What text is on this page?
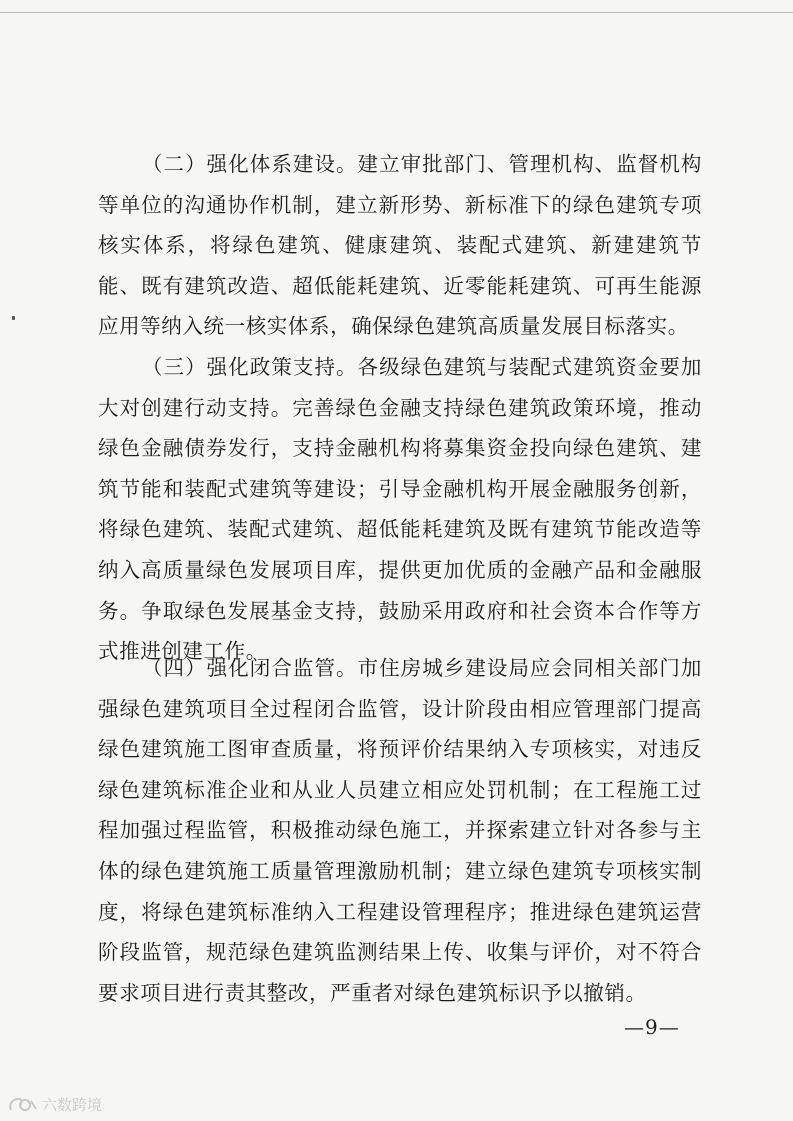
（二）强化体系建设。建立审批部门、管理机构、监督机构等单位的沟通协作机制，建立新形势、新标准下的绿色建筑专项核实体系，将绿色建筑、健康建筑、装配式建筑、新建建筑节能、既有建筑改造、超低能耗建筑、近零能耗建筑、可再生能源应用等纳入统一核实体系，确保绿色建筑高质量发展目标落实。

（三）强化政策支持。各级绿色建筑与装配式建筑资金要加大对创建行动支持。完善绿色金融支持绿色建筑政策环境，推动绿色金融债券发行，支持金融机构将募集资金投向绿色建筑、建筑节能和装配式建筑等建设；引导金融机构开展金融服务创新，将绿色建筑、装配式建筑、超低能耗建筑及既有建筑节能改造等纳入高质量绿色发展项目库，提供更加优质的金融产品和金融服务。争取绿色发展基金支持，鼓励采用政府和社会资本合作等方式推进创建工作。

（四）强化闭合监管。市住房城乡建设局应会同相关部门加强绿色建筑项目全过程闭合监管，设计阶段由相应管理部门提高绿色建筑施工图审查质量，将预评价结果纳入专项核实，对违反绿色建筑标准企业和从业人员建立相应处罚机制；在工程施工过程加强过程监管，积极推动绿色施工，并探索建立针对各参与主体的绿色建筑施工质量管理激励机制；建立绿色建筑专项核实制度，将绿色建筑标准纳入工程建设管理程序；推进绿色建筑运营阶段监管，规范绿色建筑监测结果上传、收集与评价，对不符合要求项目进行责其整改，严重者对绿色建筑标识予以撤销。

—9—
六数跨境
